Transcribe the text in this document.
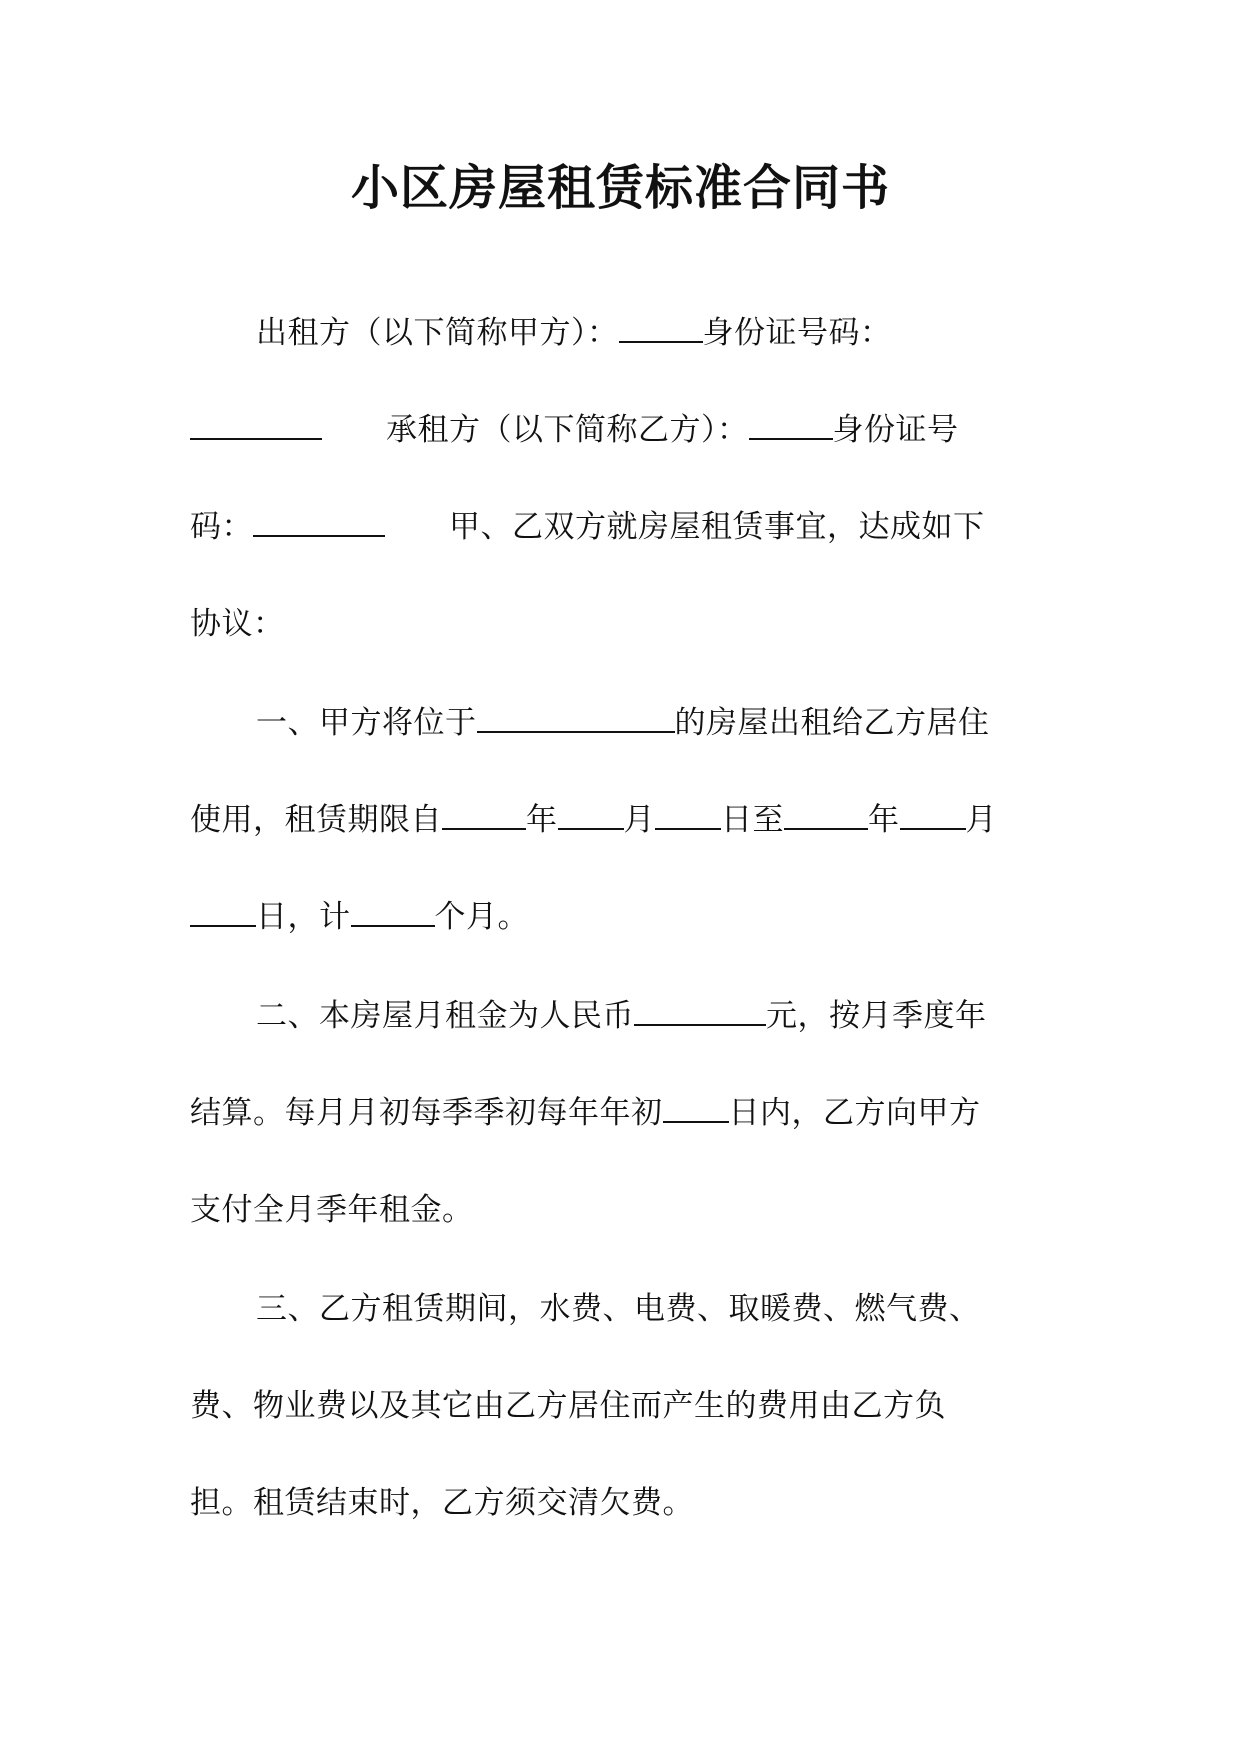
小区房屋租赁标准合同书
出租方（以下简称甲方）：	身份证号码：
承租方（以下简称乙方）：	身份证号
码：	甲、乙双方就房屋租赁事宜，达成如下
协议：
一、甲方将位于	的房屋出租给乙方居住
使用，租赁期限自	年 月 日至	年 月
日，计	个月。
二、本房屋月租金为人民币	元，按月季度年
结算。每月月初每季季初每年年初 日内，乙方向甲方
支付全月季年租金。
三、乙方租赁期间，水费、电费、取暖费、燃气费、
费、物业费以及其它由乙方居住而产生的费用由乙方负
担。租赁结束时，乙方须交清欠费。
